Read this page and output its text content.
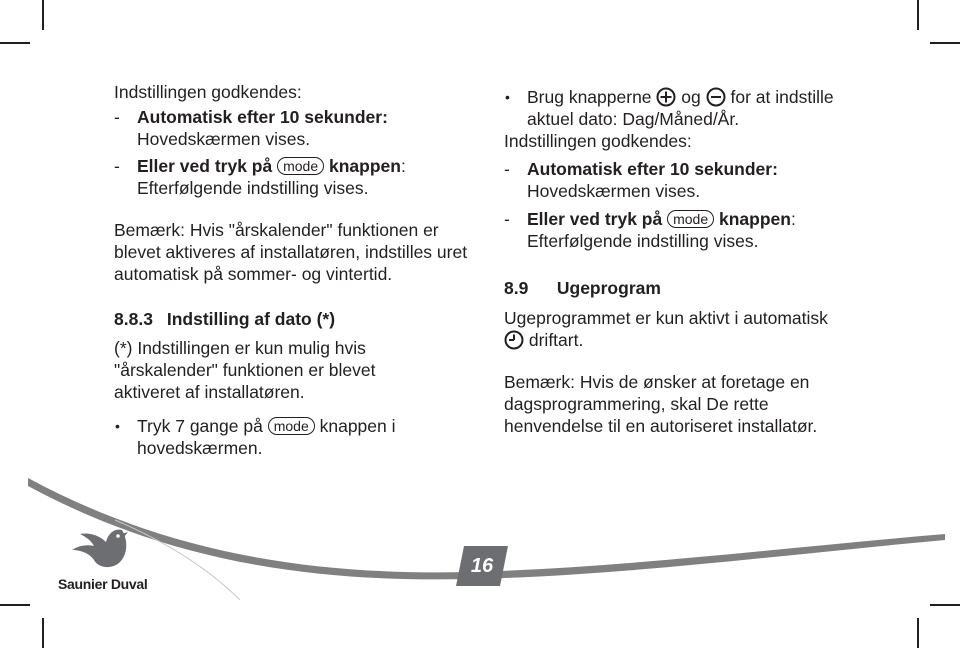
Indstillingen godkendes:

- Automatisk efter 10 sekunder:
Hovedskærmen vises.
- Eller ved tryk på mode knappen:
Efterfølgende indstilling vises.

Bemærk: Hvis "årskalender" funktionen er blevet aktiveres af installatøren, indstilles uret automatisk på sommer- og vintertid.

8.8.3 Indstilling af dato (*)

(*) Indstillingen er kun mulig hvis "årskalender" funktionen er blevet aktiveret af installatøren.

• Tryk 7 gange på mode knappen i hovedskærmen.
• Brug knapperne og for at indstille aktuel dato: Dag/Måned/År.

Indstillingen godkendes:

- Automatisk efter 10 sekunder:
Hovedskærmen vises.
- Eller ved tryk på mode knappen:
Efterfølgende indstilling vises.

8.9 Ugeprogram

Ugeprogrammet er kun aktivt i automatisk
driftart.

Bemærk: Hvis de ønsker at foretage en dagsprogrammering, skal De rette henvendelse til en autoriseret installatør.

16
Saunier Duval
